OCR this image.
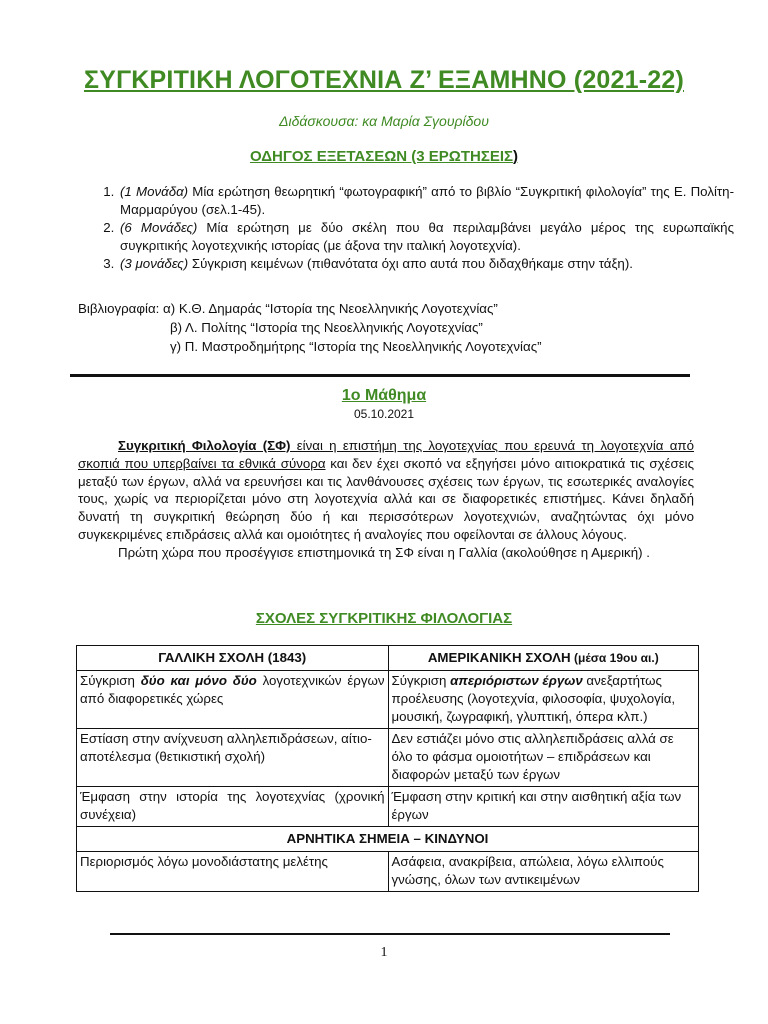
ΣΥΓΚΡΙΤΙΚΗ ΛΟΓΟΤΕΧΝΙΑ Ζ’ ΕΞΑΜΗΝΟ (2021-22)
Διδάσκουσα: κα Μαρία Σγουρίδου
ΟΔΗΓΟΣ ΕΞΕΤΑΣΕΩΝ (3 ΕΡΩΤΗΣΕΙΣ)
1. (1 Μονάδα) Μία ερώτηση θεωρητική “φωτογραφική” από το βιβλίο “Συγκριτική φιλολογία” της Ε. Πολίτη- Μαρμαρύγου (σελ.1-45).
2. (6 Μονάδες) Μία ερώτηση με δύο σκέλη που θα περιλαμβάνει μεγάλο μέρος της ευρωπαϊκής συγκριτικής λογοτεχνικής ιστορίας (με άξονα την ιταλική λογοτεχνία).
3. (3 μονάδες) Σύγκριση κειμένων (πιθανότατα όχι απο αυτά που διδαχθήκαμε στην τάξη).
Βιβλιογραφία: α) Κ.Θ. Δημαράς “Ιστορία της Νεοελληνικής Λογοτεχνίας”
β) Λ. Πολίτης “Ιστορία της Νεοελληνικής Λογοτεχνίας”
γ) Π. Μαστροδημήτρης “Ιστορία της Νεοελληνικής Λογοτεχνίας”
1ο Μάθημα
05.10.2021

Συγκριτική Φιλολογία (ΣΦ) είναι η επιστήμη της λογοτεχνίας που ερευνά τη λογοτεχνία από σκοπιά που υπερβαίνει τα εθνικά σύνορα και δεν έχει σκοπό να εξηγήσει μόνο αιτιοκρατικά τις σχέσεις μεταξύ των έργων, αλλά να ερευνήσει και τις λανθάνουσες σχέσεις των έργων, τις εσωτερικές αναλογίες τους, χωρίς να περιορίζεται μόνο στη λογοτεχνία αλλά και σε διαφορετικές επιστήμες. Κάνει δηλαδή δυνατή τη συγκριτική θεώρηση δύο ή και περισσότερων λογοτεχνιών, αναζητώντας όχι μόνο συγκεκριμένες επιδράσεις αλλά και ομοιότητες ή αναλογίες που οφείλονται σε άλλους λόγους.

Πρώτη χώρα που προσέγγισε επιστημονικά τη ΣΦ είναι η Γαλλία (ακολούθησε η Αμερική) .

ΣΧΟΛΕΣ ΣΥΓΚΡΙΤΙΚΗΣ ΦΙΛΟΛΟΓΙΑΣ
ΓΑΛΛΙΚΗ ΣΧΟΛΗ (1843)	ΑΜΕΡΙΚΑΝΙΚΗ ΣΧΟΛΗ (μέσα 19ου αι.)
Σύγκριση δύο και μόνο δύο λογοτεχνικών έργων από διαφορετικές χώρες	Σύγκριση απεριόριστων έργων ανεξαρτήτως προέλευσης (λογοτεχνία, φιλοσοφία, ψυχολογία, μουσική, ζωγραφική, γλυπτική, όπερα κλπ.)
Εστίαση στην ανίχνευση αλληλεπιδράσεων, αίτιο-αποτέλεσμα (θετικιστική σχολή)	Δεν εστιάζει μόνο στις αλληλεπιδράσεις αλλά σε όλο το φάσμα ομοιοτήτων – επιδράσεων και διαφορών μεταξύ των έργων
Έμφαση στην ιστορία της λογοτεχνίας (χρονική συνέχεια)	Έμφαση στην κριτική και στην αισθητική αξία των έργων
ΑΡΝΗΤΙΚΑ ΣΗΜΕΙΑ – ΚΙΝΔΥΝΟΙ	
Περιορισμός λόγω μονοδιάστατης μελέτης	Ασάφεια, ανακρίβεια, απώλεια, λόγω ελλιπούς γνώσης, όλων των αντικειμένων
1
